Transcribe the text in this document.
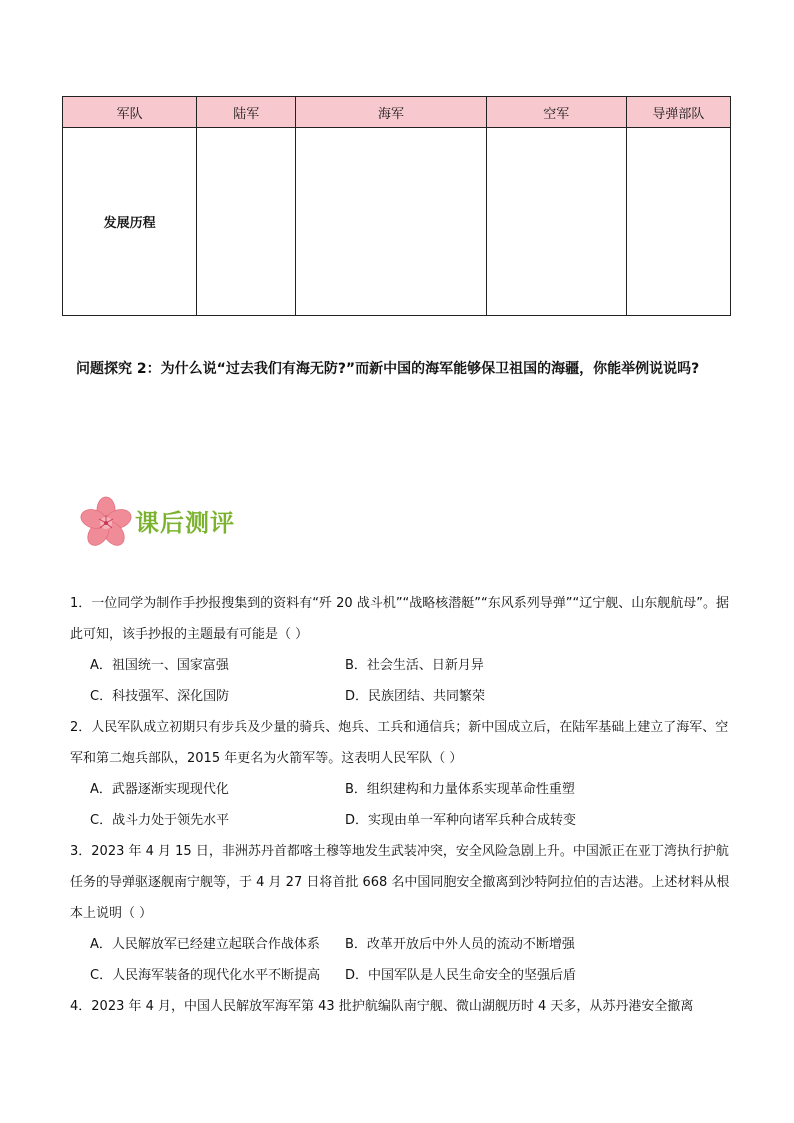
军队	陆军	海军	空军	导弹部队
发展历程				

问题探究 2：为什么说“过去我们有海无防?”而新中国的海军能够保卫祖国的海疆，你能举例说说吗?

课后测评

1．一位同学为制作手抄报搜集到的资料有“歼 20 战斗机”“战略核潜艇”“东风系列导弹”“辽宁舰、山东舰航母”。据此可知，该手抄报的主题最有可能是（ ）

A．祖国统一、国家富强	B．社会生活、日新月异
C．科技强军、深化国防	D．民族团结、共同繁荣

2．人民军队成立初期只有步兵及少量的骑兵、炮兵、工兵和通信兵；新中国成立后，在陆军基础上建立了海军、空军和第二炮兵部队，2015 年更名为火箭军等。这表明人民军队（ ）

A．武器逐渐实现现代化	B．组织建构和力量体系实现革命性重塑
C．战斗力处于领先水平	D．实现由单一军种向诸军兵种合成转变

3．2023 年 4 月 15 日，非洲苏丹首都喀土穆等地发生武装冲突，安全风险急剧上升。中国派正在亚丁湾执行护航任务的导弹驱逐舰南宁舰等，于 4 月 27 日将首批 668 名中国同胞安全撤离到沙特阿拉伯的吉达港。上述材料从根本上说明（ ）

A．人民解放军已经建立起联合作战体系	B．改革开放后中外人员的流动不断增强
C．人民海军装备的现代化水平不断提高	D．中国军队是人民生命安全的坚强后盾

4．2023 年 4 月，中国人民解放军海军第 43 批护航编队南宁舰、微山湖舰历时 4 天多，从苏丹港安全撤离
